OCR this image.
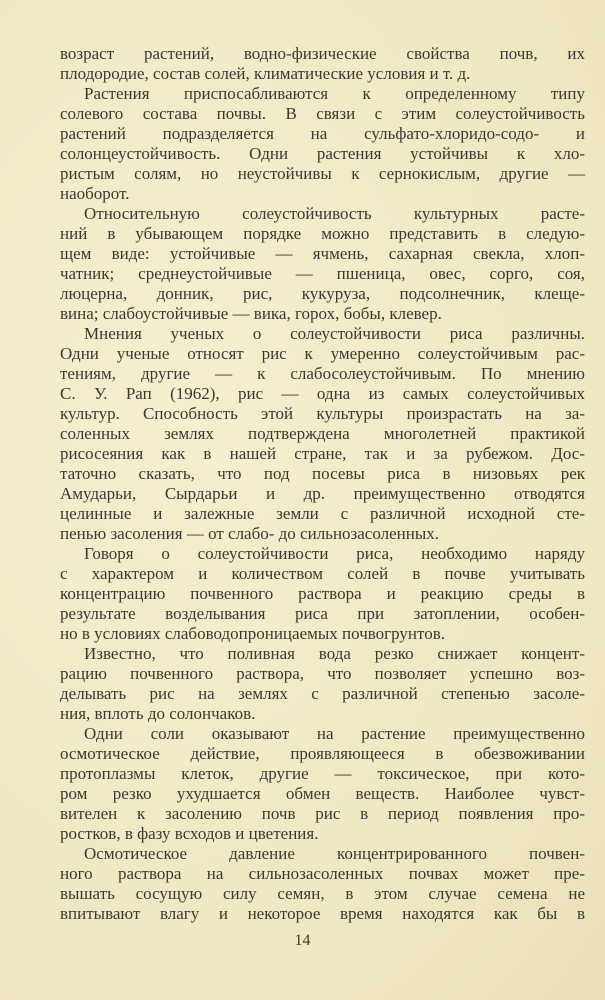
возраст растений, водно-физические свойства почв, их
плодородие, состав солей, климатические условия и т. д.
Растения приспосабливаются к определенному типу
солевого состава почвы. В связи с этим солеустойчивость
растений подразделяется на сульфато-хлоридо-содо- и
солонцеустойчивость. Одни растения устойчивы к хло-
ристым солям, но неустойчивы к сернокислым, другие —
наоборот.
Относительную солеустойчивость культурных расте-
ний в убывающем порядке можно представить в следую-
щем виде: устойчивые — ячмень, сахарная свекла, хлоп-
чатник; среднеустойчивые — пшеница, овес, сорго, соя,
люцерна, донник, рис, кукуруза, подсолнечник, клеще-
вина; слабоустойчивые — вика, горох, бобы, клевер.
Мнения ученых о солеустойчивости риса различны.
Одни ученые относят рис к умеренно солеустойчивым рас-
тениям, другие — к слабосолеустойчивым. По мнению
С. У. Рап (1962), рис — одна из самых солеустойчивых
культур. Способность этой культуры произрастать на за-
соленных землях подтверждена многолетней практикой
рисосеяния как в нашей стране, так и за рубежом. Дос-
таточно сказать, что под посевы риса в низовьях рек
Амударьи, Сырдарьи и др. преимущественно отводятся
целинные и залежные земли с различной исходной сте-
пенью засоления — от слабо- до сильнозасоленных.
Говоря о солеустойчивости риса, необходимо наряду
с характером и количеством солей в почве учитывать
концентрацию почвенного раствора и реакцию среды в
результате возделывания риса при затоплении, особен-
но в условиях слабоводопроницаемых почвогрунтов.
Известно, что поливная вода резко снижает концент-
рацию почвенного раствора, что позволяет успешно воз-
делывать рис на землях с различной степенью засоле-
ния, вплоть до солончаков.
Одни соли оказывают на растение преимущественно
осмотическое действие, проявляющееся в обезвоживании
протоплазмы клеток, другие — токсическое, при кото-
ром резко ухудшается обмен веществ. Наиболее чувст-
вителен к засолению почв рис в период появления про-
ростков, в фазу всходов и цветения.
Осмотическое давление концентрированного почвен-
ного раствора на сильнозасоленных почвах может пре-
вышать сосущую силу семян, в этом случае семена не
впитывают влагу и некоторое время находятся как бы в
14
